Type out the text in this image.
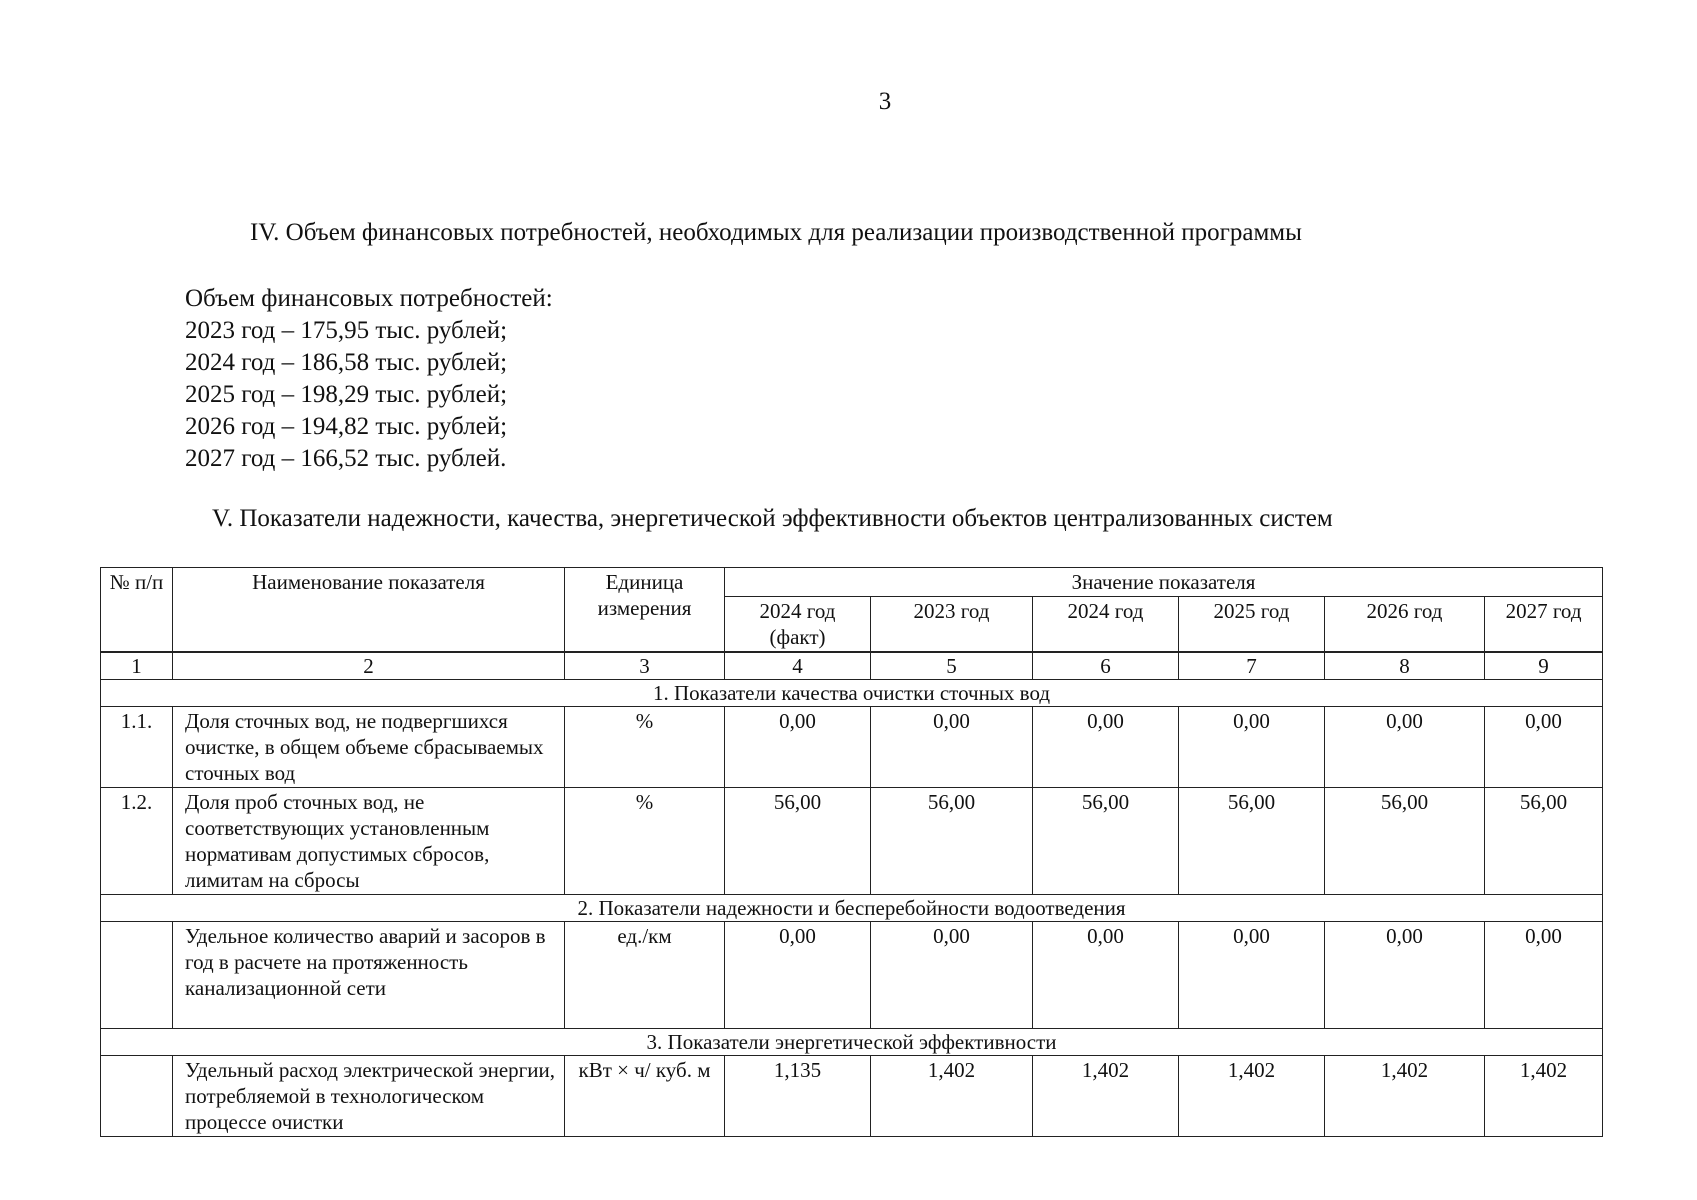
3
IV. Объем финансовых потребностей, необходимых для реализации производственной программы
Объем финансовых потребностей:
2023 год – 175,95 тыс. рублей;
2024 год – 186,58 тыс. рублей;
2025 год – 198,29 тыс. рублей;
2026 год – 194,82 тыс. рублей;
2027 год – 166,52 тыс. рублей.
V. Показатели надежности, качества, энергетической эффективности объектов централизованных систем
№ п/п	Наименование показателя	Единица измерения	Значение показателя					
			2024 год (факт)	2023 год	2024 год	2025 год	2026 год	2027 год
1	2	3	4	5	6	7	8	9
1. Показатели качества очистки сточных вод								
1.1.	Доля сточных вод, не подвергшихся очистке, в общем объеме сбрасываемых сточных вод	%	0,00	0,00	0,00	0,00	0,00	0,00
1.2.	Доля проб сточных вод, не соответствующих установленным нормативам допустимых сбросов, лимитам на сбросы	%	56,00	56,00	56,00	56,00	56,00	56,00
2. Показатели надежности и бесперебойности водоотведения								
	Удельное количество аварий и засоров в год в расчете на протяженность канализационной сети	ед./км	0,00	0,00	0,00	0,00	0,00	0,00
3. Показатели энергетической эффективности								
	Удельный расход электрической энергии, потребляемой в технологическом процессе очистки	кВт × ч/ куб. м	1,135	1,402	1,402	1,402	1,402	1,402
